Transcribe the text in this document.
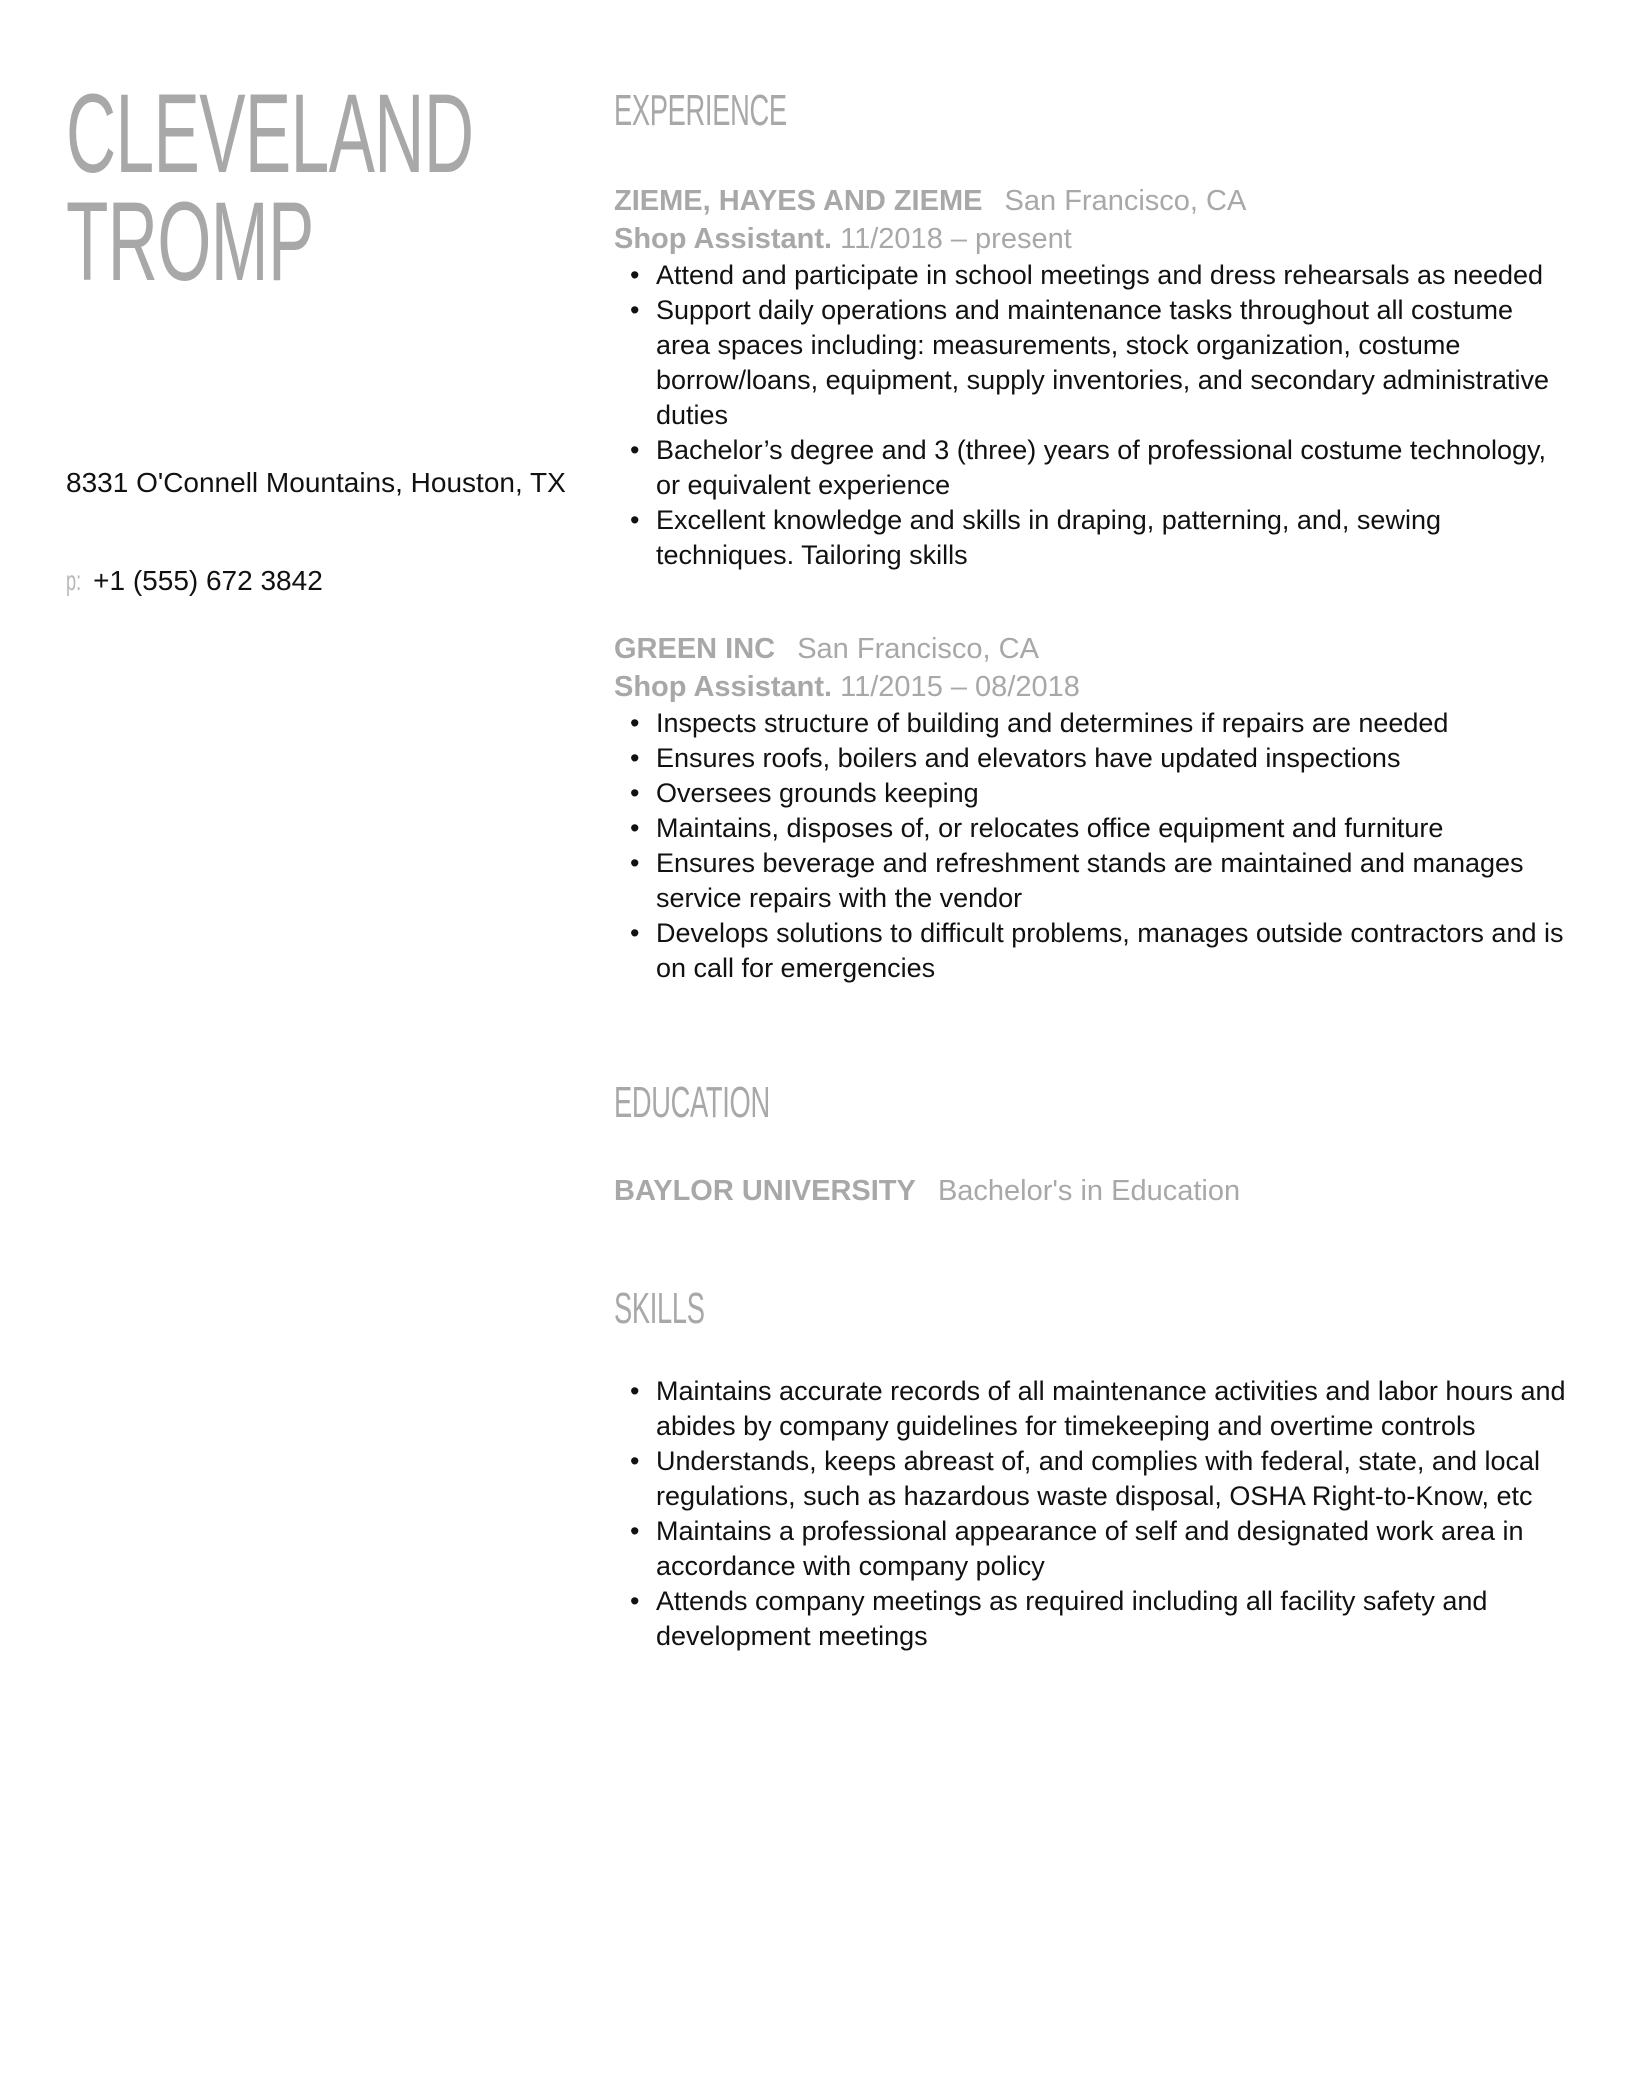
CLEVELAND
TROMP
8331 O'Connell Mountains, Houston, TX
p: +1 (555) 672 3842
EXPERIENCE
ZIEME, HAYES AND ZIEME San Francisco, CA
Shop Assistant. 11/2018 – present
• Attend and participate in school meetings and dress rehearsals as needed
• Support daily operations and maintenance tasks throughout all costume area spaces including: measurements, stock organization, costume borrow/loans, equipment, supply inventories, and secondary administrative duties
• Bachelor’s degree and 3 (three) years of professional costume technology, or equivalent experience
• Excellent knowledge and skills in draping, patterning, and, sewing techniques. Tailoring skills
GREEN INC San Francisco, CA
Shop Assistant. 11/2015 – 08/2018
• Inspects structure of building and determines if repairs are needed
• Ensures roofs, boilers and elevators have updated inspections
• Oversees grounds keeping
• Maintains, disposes of, or relocates office equipment and furniture
• Ensures beverage and refreshment stands are maintained and manages service repairs with the vendor
• Develops solutions to difficult problems, manages outside contractors and is on call for emergencies
EDUCATION
BAYLOR UNIVERSITY Bachelor's in Education
SKILLS
• Maintains accurate records of all maintenance activities and labor hours and abides by company guidelines for timekeeping and overtime controls
• Understands, keeps abreast of, and complies with federal, state, and local regulations, such as hazardous waste disposal, OSHA Right-to-Know, etc
• Maintains a professional appearance of self and designated work area in accordance with company policy
• Attends company meetings as required including all facility safety and development meetings
